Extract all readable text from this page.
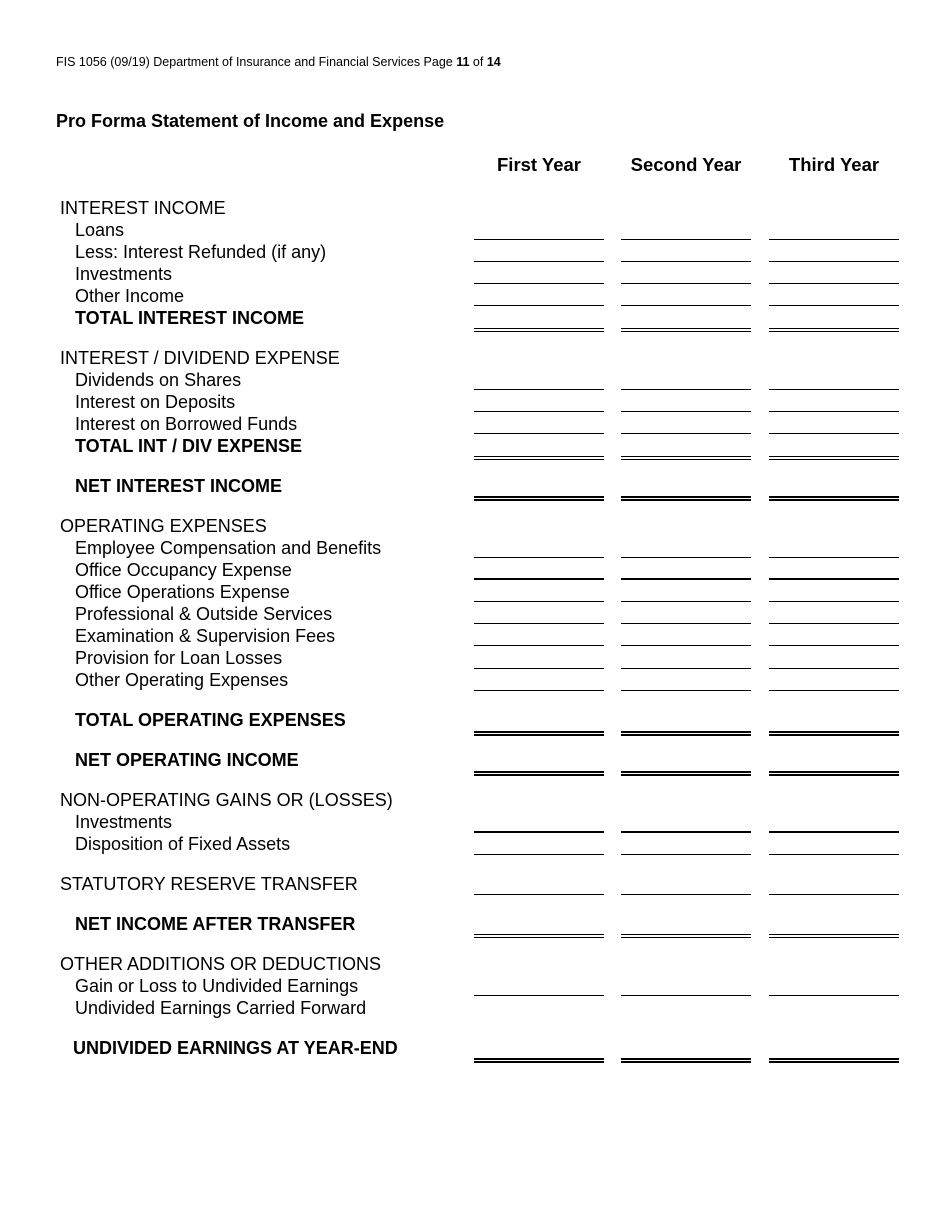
FIS 1056 (09/19) Department of Insurance and Financial Services Page 11 of 14
Pro Forma Statement of Income and Expense
First Year	Second Year	Third Year
INTEREST INCOME
Loans
Less: Interest Refunded (if any)
Investments
Other Income
TOTAL INTEREST INCOME
INTEREST / DIVIDEND EXPENSE
Dividends on Shares
Interest on Deposits
Interest on Borrowed Funds
TOTAL INT / DIV EXPENSE
NET INTEREST INCOME
OPERATING EXPENSES
Employee Compensation and Benefits
Office Occupancy Expense
Office Operations Expense
Professional & Outside Services
Examination & Supervision Fees
Provision for Loan Losses
Other Operating Expenses
TOTAL OPERATING EXPENSES
NET OPERATING INCOME
NON-OPERATING GAINS OR (LOSSES)
Investments
Disposition of Fixed Assets
STATUTORY RESERVE TRANSFER
NET INCOME AFTER TRANSFER
OTHER ADDITIONS OR DEDUCTIONS
Gain or Loss to Undivided Earnings
Undivided Earnings Carried Forward
UNDIVIDED EARNINGS AT YEAR-END
